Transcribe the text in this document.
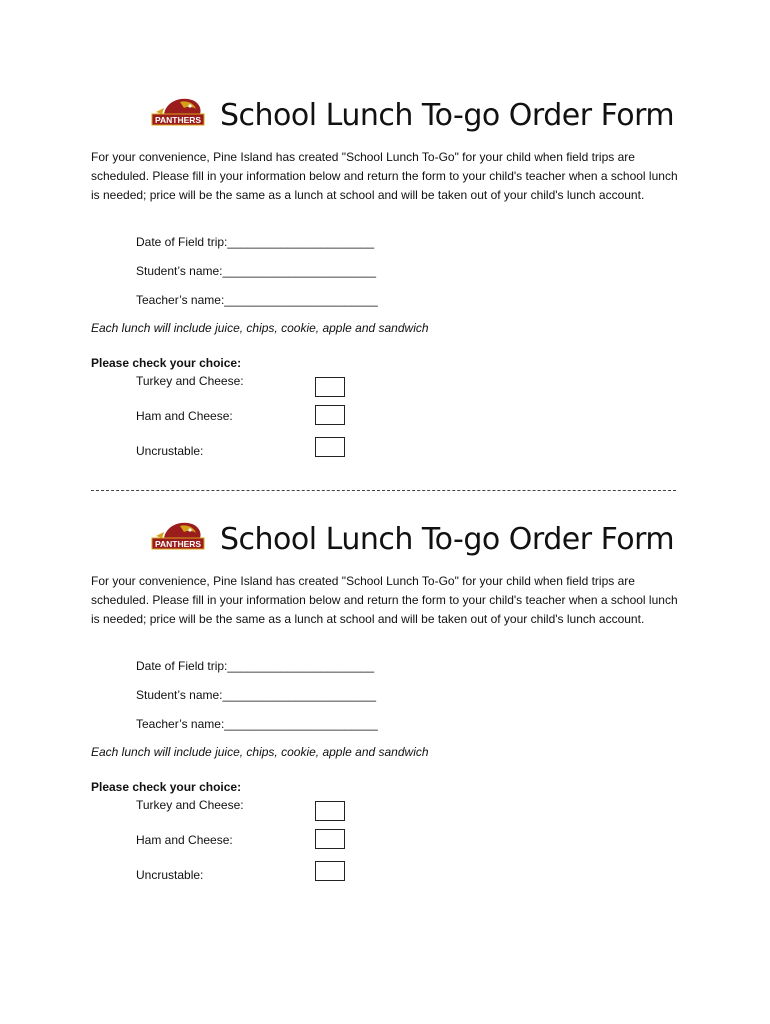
PANTHERS School Lunch To-go Order Form

For your convenience, Pine Island has created "School Lunch To-Go" for your child when field trips are scheduled. Please fill in your information below and return the form to your child's teacher when a school lunch is needed; price will be the same as a lunch at school and will be taken out of your child's lunch account.

Date of Field trip:______________________
Student’s name:_______________________
Teacher’s name:_______________________
Each lunch will include juice, chips, cookie, apple and sandwich
Please check your choice:
Turkey and Cheese:
Ham and Cheese:
Uncrustable:
PANTHERS School Lunch To-go Order Form

For your convenience, Pine Island has created "School Lunch To-Go" for your child when field trips are scheduled. Please fill in your information below and return the form to your child's teacher when a school lunch is needed; price will be the same as a lunch at school and will be taken out of your child's lunch account.

Date of Field trip:______________________
Student’s name:_______________________
Teacher’s name:_______________________
Each lunch will include juice, chips, cookie, apple and sandwich
Please check your choice:
Turkey and Cheese:
Ham and Cheese:
Uncrustable:
